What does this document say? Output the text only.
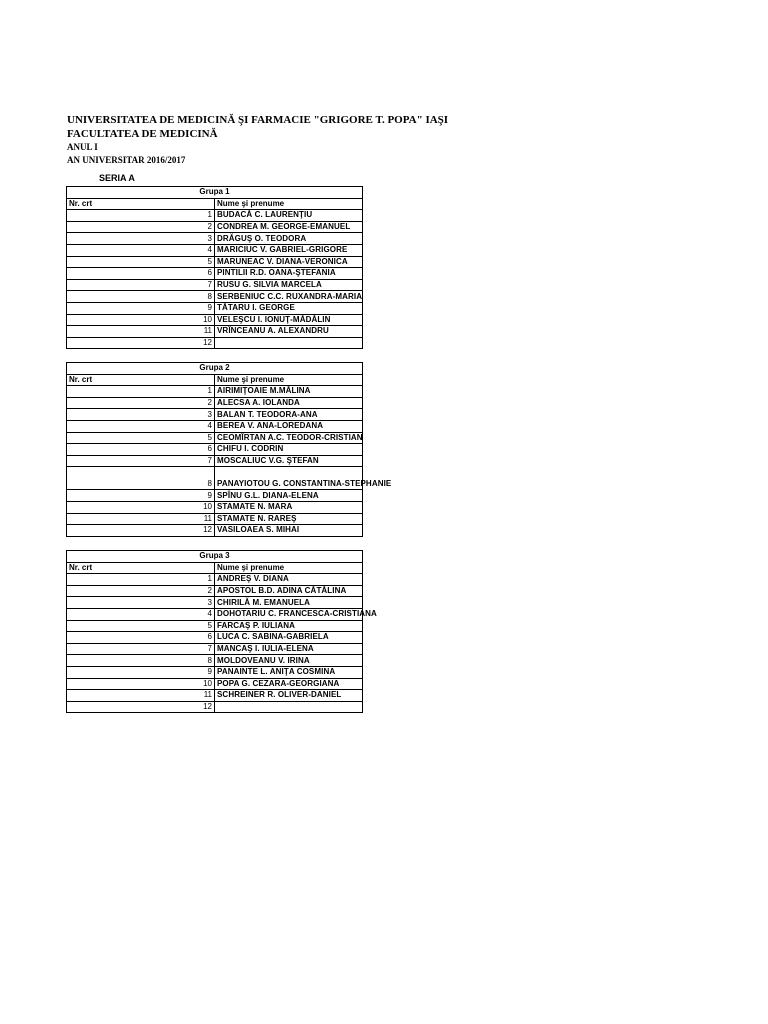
UNIVERSITATEA DE MEDICINĂ ŞI FARMACIE "GRIGORE T. POPA" IAŞI
FACULTATEA DE MEDICINĂ
ANUL I
AN UNIVERSITAR 2016/2017
SERIA A
Grupa 1	
Nr. crt	Nume şi prenume
1	BUDACĂ C. LAURENŢIU
2	CONDREA M. GEORGE-EMANUEL
3	DRĂGUŞ O. TEODORA
4	MARICIUC V. GABRIEL-GRIGORE
5	MARUNEAC V. DIANA-VERONICA
6	PINTILII R.D. OANA-ŞTEFANIA
7	RUSU G. SILVIA MARCELA
8	SERBENIUC C.C. RUXANDRA-MARIA
9	TĂTARU I. GEORGE
10	VELEŞCU I. IONUŢ-MĂDĂLIN
11	VRÎNCEANU A. ALEXANDRU
12	
Grupa 2	
Nr. crt	Nume şi prenume
1	AIRIMIŢOAIE M.MĂLINA
2	ALECSA A. IOLANDA
3	BALAN T. TEODORA-ANA
4	BEREA V. ANA-LOREDANA
5	CEOMÎRTAN A.C. TEODOR-CRISTIAN
6	CHIFU I. CODRIN
7	MOSCALIUC V.G. ŞTEFAN
8	PANAYIOTOU G. CONSTANTINA-STEPHANIE
9	SPÎNU G.L. DIANA-ELENA
10	STAMATE N. MARA
11	STAMATE N. RAREŞ
12	VASILOAEA S. MIHAI
Grupa 3	
Nr. crt	Nume şi prenume
1	ANDREŞ V. DIANA
2	APOSTOL B.D. ADINA CĂTĂLINA
3	CHIRILĂ M. EMANUELA
4	DOHOTARIU C. FRANCESCA-CRISTIANA
5	FARCAŞ P. IULIANA
6	LUCA C. SABINA-GABRIELA
7	MANCAŞ I. IULIA-ELENA
8	MOLDOVEANU V. IRINA
9	PANAINTE L. ANIŢA COSMINA
10	POPA G. CEZARA-GEORGIANA
11	SCHREINER R. OLIVER-DANIEL
12	
